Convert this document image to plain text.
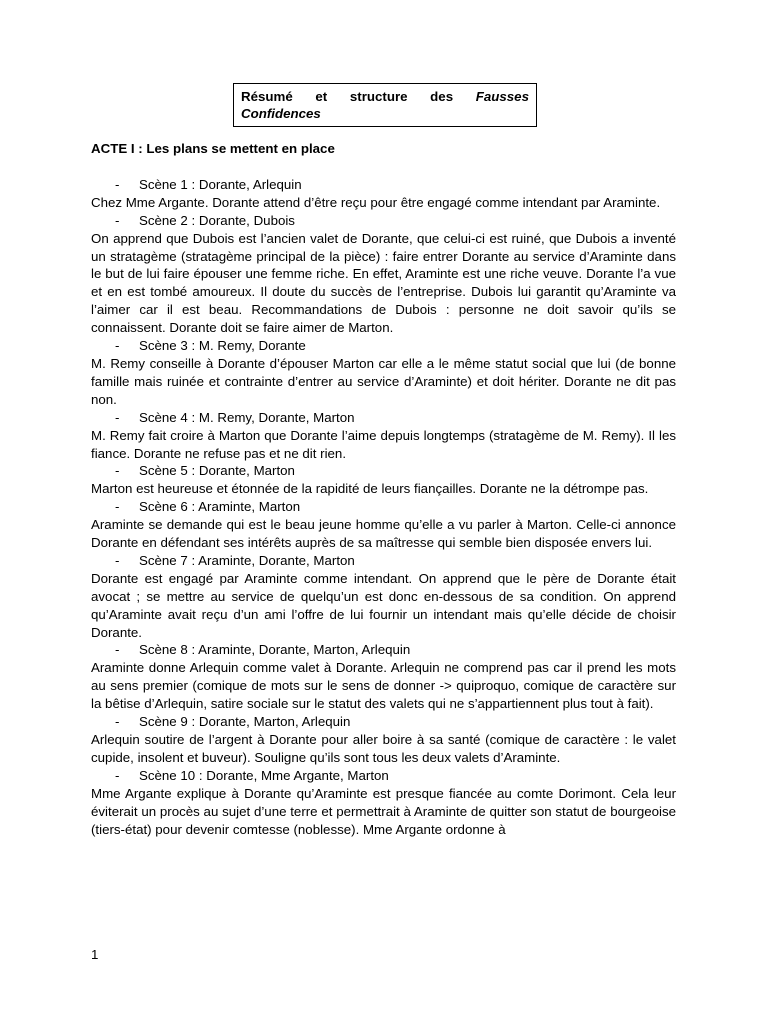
Résumé et structure des Fausses
Confidences
ACTE I : Les plans se mettent en place
-	Scène 1 : Dorante, Arlequin

Chez Mme Argante. Dorante attend d’être reçu pour être engagé comme intendant par Araminte.

-	Scène 2 : Dorante, Dubois

On apprend que Dubois est l’ancien valet de Dorante, que celui-ci est ruiné, que Dubois a inventé un stratagème (stratagème principal de la pièce) : faire entrer Dorante au service d’Araminte dans le but de lui faire épouser une femme riche. En effet, Araminte est une riche veuve. Dorante l’a vue et en est tombé amoureux. Il doute du succès de l’entreprise. Dubois lui garantit qu’Araminte va l’aimer car il est beau. Recommandations de Dubois : personne ne doit savoir qu’ils se connaissent. Dorante doit se faire aimer de Marton.

-	Scène 3 : M. Remy, Dorante

M. Remy conseille à Dorante d’épouser Marton car elle a le même statut social que lui (de bonne famille mais ruinée et contrainte d’entrer au service d’Araminte) et doit hériter. Dorante ne dit pas non.

-	Scène 4 : M. Remy, Dorante, Marton

M. Remy fait croire à Marton que Dorante l’aime depuis longtemps (stratagème de M. Remy). Il les fiance. Dorante ne refuse pas et ne dit rien.

-	Scène 5 : Dorante, Marton

Marton est heureuse et étonnée de la rapidité de leurs fiançailles. Dorante ne la détrompe pas.

-	Scène 6 : Araminte, Marton

Araminte se demande qui est le beau jeune homme qu’elle a vu parler à Marton. Celle-ci annonce Dorante en défendant ses intérêts auprès de sa maîtresse qui semble bien disposée envers lui.

-	Scène 7 : Araminte, Dorante, Marton

Dorante est engagé par Araminte comme intendant. On apprend que le père de Dorante était avocat ; se mettre au service de quelqu’un est donc en-dessous de sa condition. On apprend qu’Araminte avait reçu d’un ami l’offre de lui fournir un intendant mais qu’elle décide de choisir Dorante.

-	Scène 8 : Araminte, Dorante, Marton, Arlequin

Araminte donne Arlequin comme valet à Dorante. Arlequin ne comprend pas car il prend les mots au sens premier (comique de mots sur le sens de donner -> quiproquo, comique de caractère sur la bêtise d’Arlequin, satire sociale sur le statut des valets qui ne s’appartiennent plus tout à fait).

-	Scène 9 : Dorante, Marton, Arlequin

Arlequin soutire de l’argent à Dorante pour aller boire à sa santé (comique de caractère : le valet cupide, insolent et buveur). Souligne qu’ils sont tous les deux valets d’Araminte.

-	Scène 10 : Dorante, Mme Argante, Marton

Mme Argante explique à Dorante qu’Araminte est presque fiancée au comte Dorimont. Cela leur éviterait un procès au sujet d’une terre et permettrait à Araminte de quitter son statut de bourgeoise (tiers-état) pour devenir comtesse (noblesse). Mme Argante ordonne à

1
